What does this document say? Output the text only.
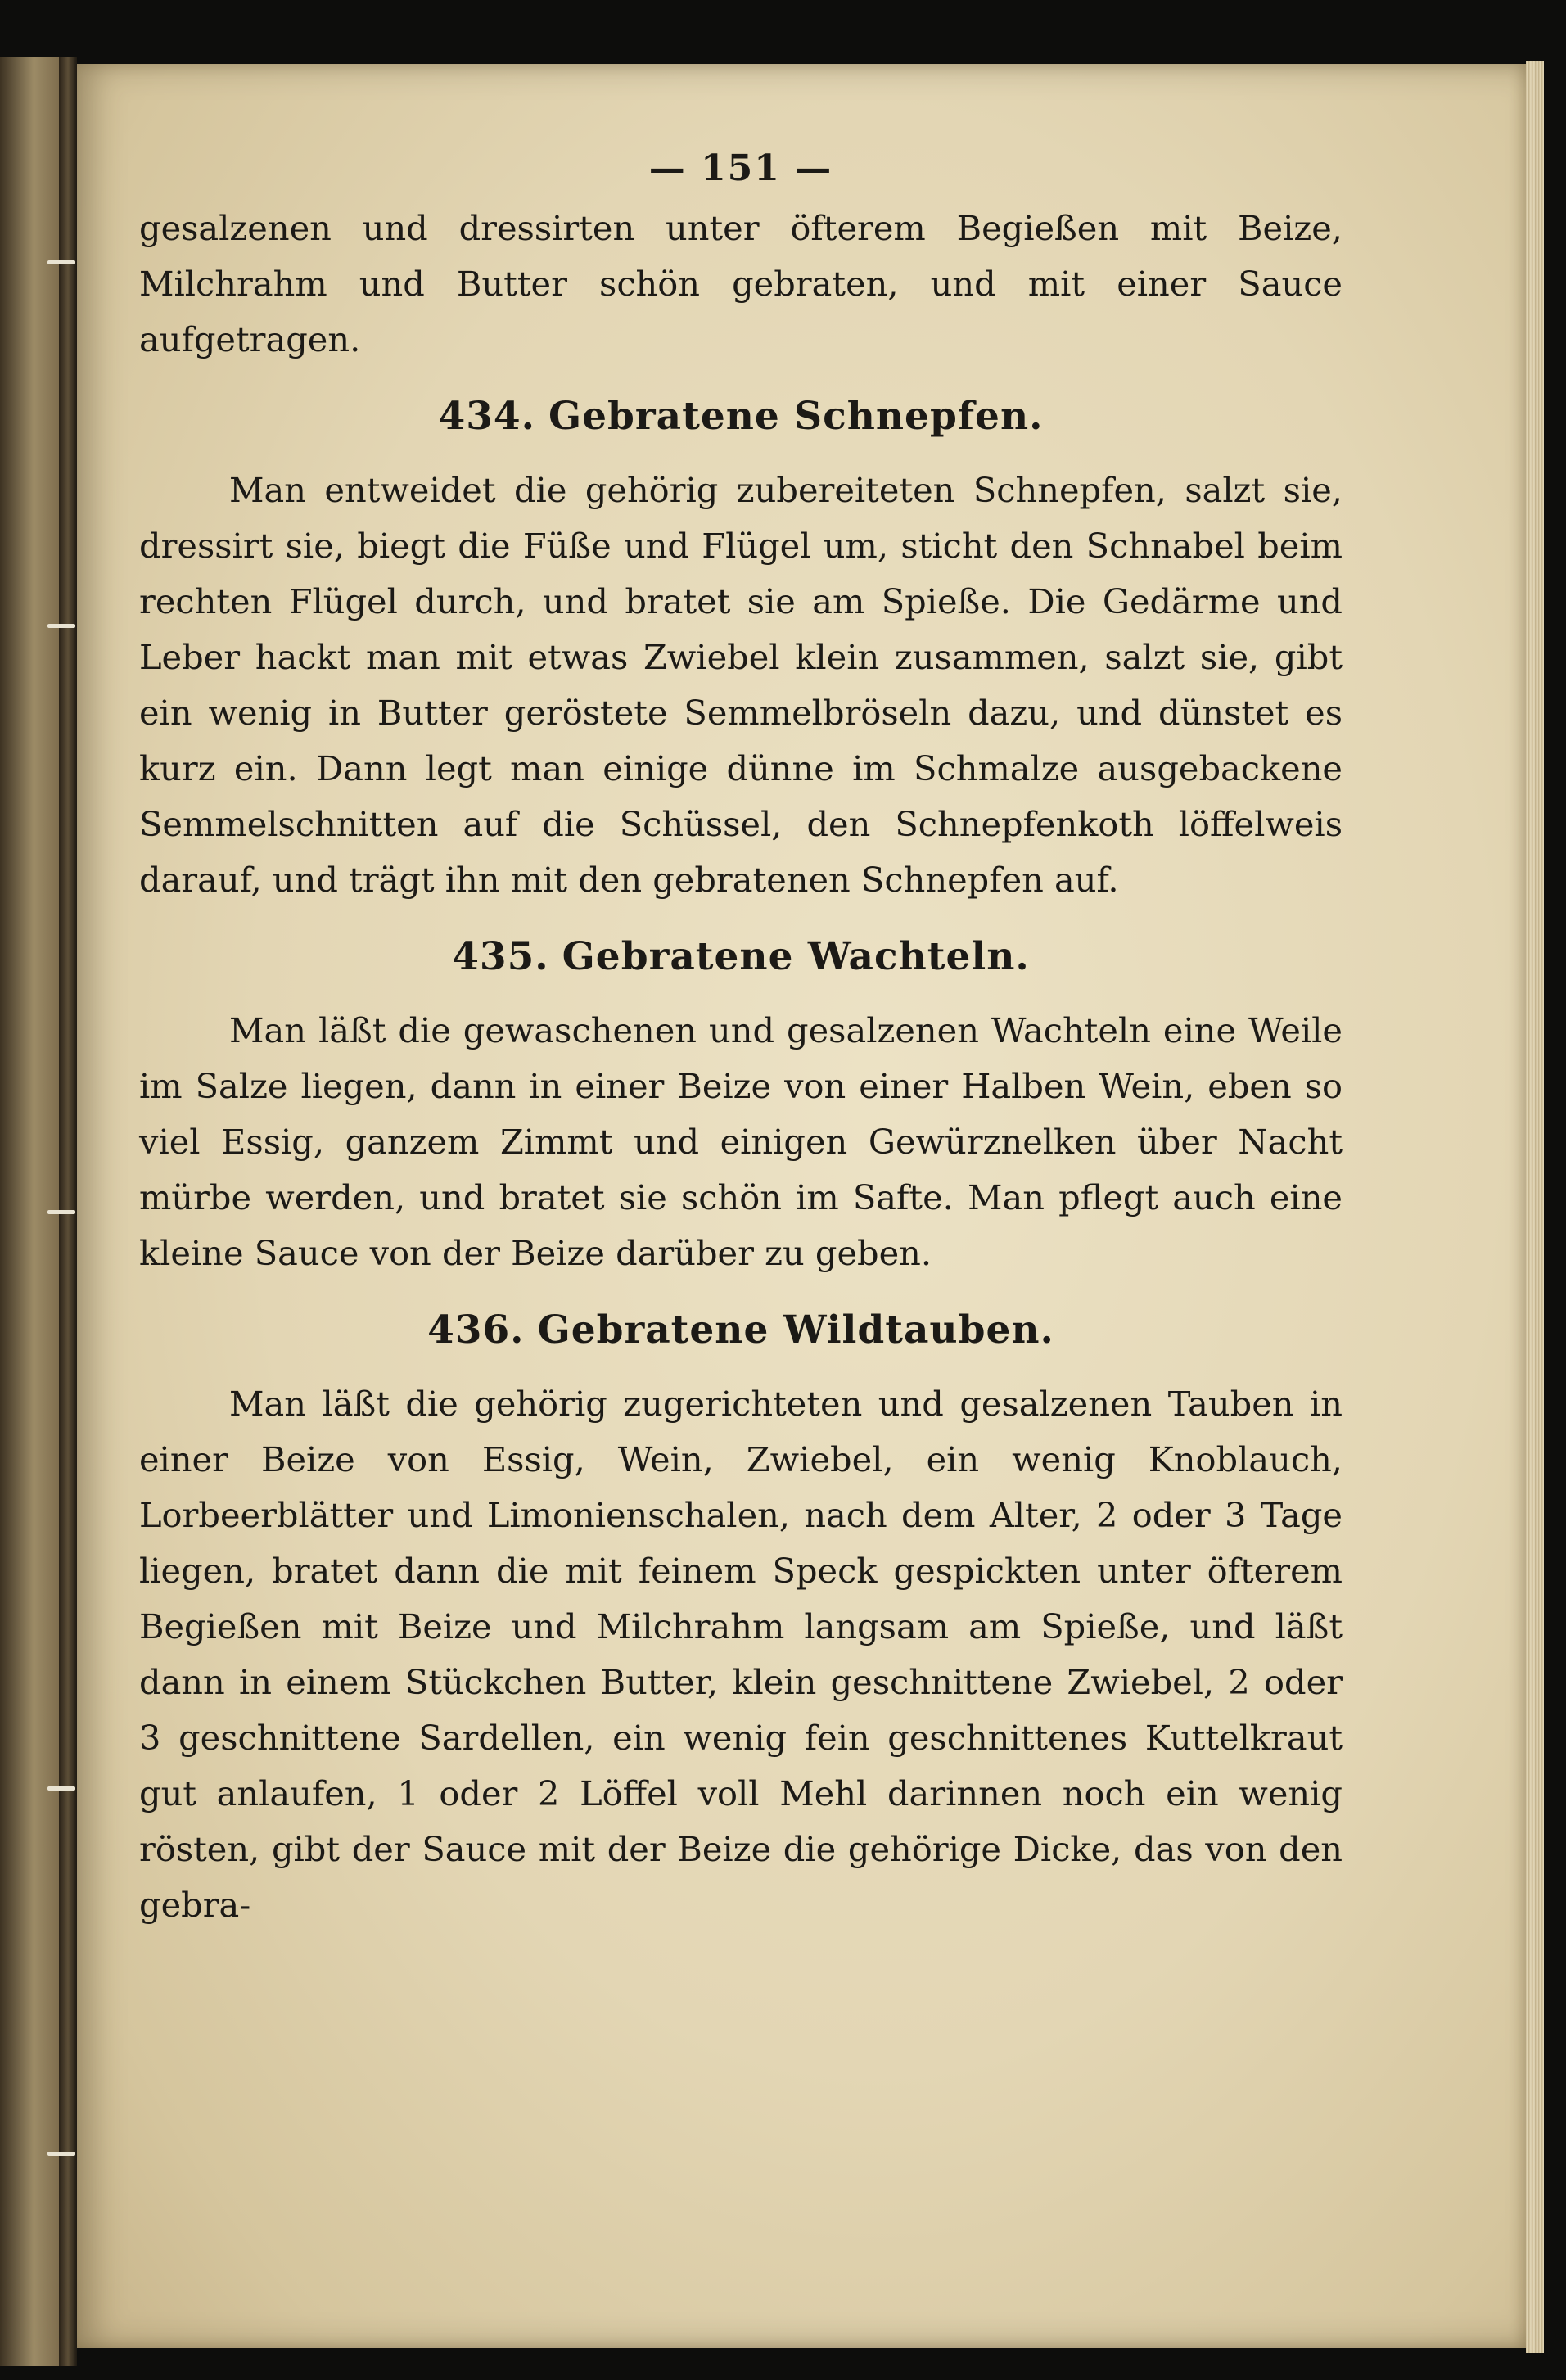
— 151 —

gesalzenen und dressirten unter öfterem Begießen mit Beize, Milchrahm und Butter schön gebraten, und mit einer Sauce aufgetragen.

434. Gebratene Schnepfen.

Man entweidet die gehörig zubereiteten Schnepfen, salzt sie, dressirt sie, biegt die Füße und Flügel um, sticht den Schnabel beim rechten Flügel durch, und bratet sie am Spieße. Die Gedärme und Leber hackt man mit etwas Zwiebel klein zusammen, salzt sie, gibt ein wenig in Butter geröstete Semmelbröseln dazu, und dünstet es kurz ein. Dann legt man einige dünne im Schmalze ausgebackene Semmelschnitten auf die Schüssel, den Schnepfenkoth löffelweis darauf, und trägt ihn mit den gebratenen Schnepfen auf.

435. Gebratene Wachteln.

Man läßt die gewaschenen und gesalzenen Wachteln eine Weile im Salze liegen, dann in einer Beize von einer Halben Wein, eben so viel Essig, ganzem Zimmt und einigen Gewürznelken über Nacht mürbe werden, und bratet sie schön im Safte. Man pflegt auch eine kleine Sauce von der Beize darüber zu geben.

436. Gebratene Wildtauben.

Man läßt die gehörig zugerichteten und gesalzenen Tauben in einer Beize von Essig, Wein, Zwiebel, ein wenig Knoblauch, Lorbeerblätter und Limonienschalen, nach dem Alter, 2 oder 3 Tage liegen, bratet dann die mit feinem Speck gespickten unter öfterem Begießen mit Beize und Milchrahm langsam am Spieße, und läßt dann in einem Stückchen Butter, klein geschnittene Zwiebel, 2 oder 3 geschnittene Sardellen, ein wenig fein geschnittenes Kuttelkraut gut anlaufen, 1 oder 2 Löffel voll Mehl darinnen noch ein wenig rösten, gibt der Sauce mit der Beize die gehörige Dicke, das von den gebra-
